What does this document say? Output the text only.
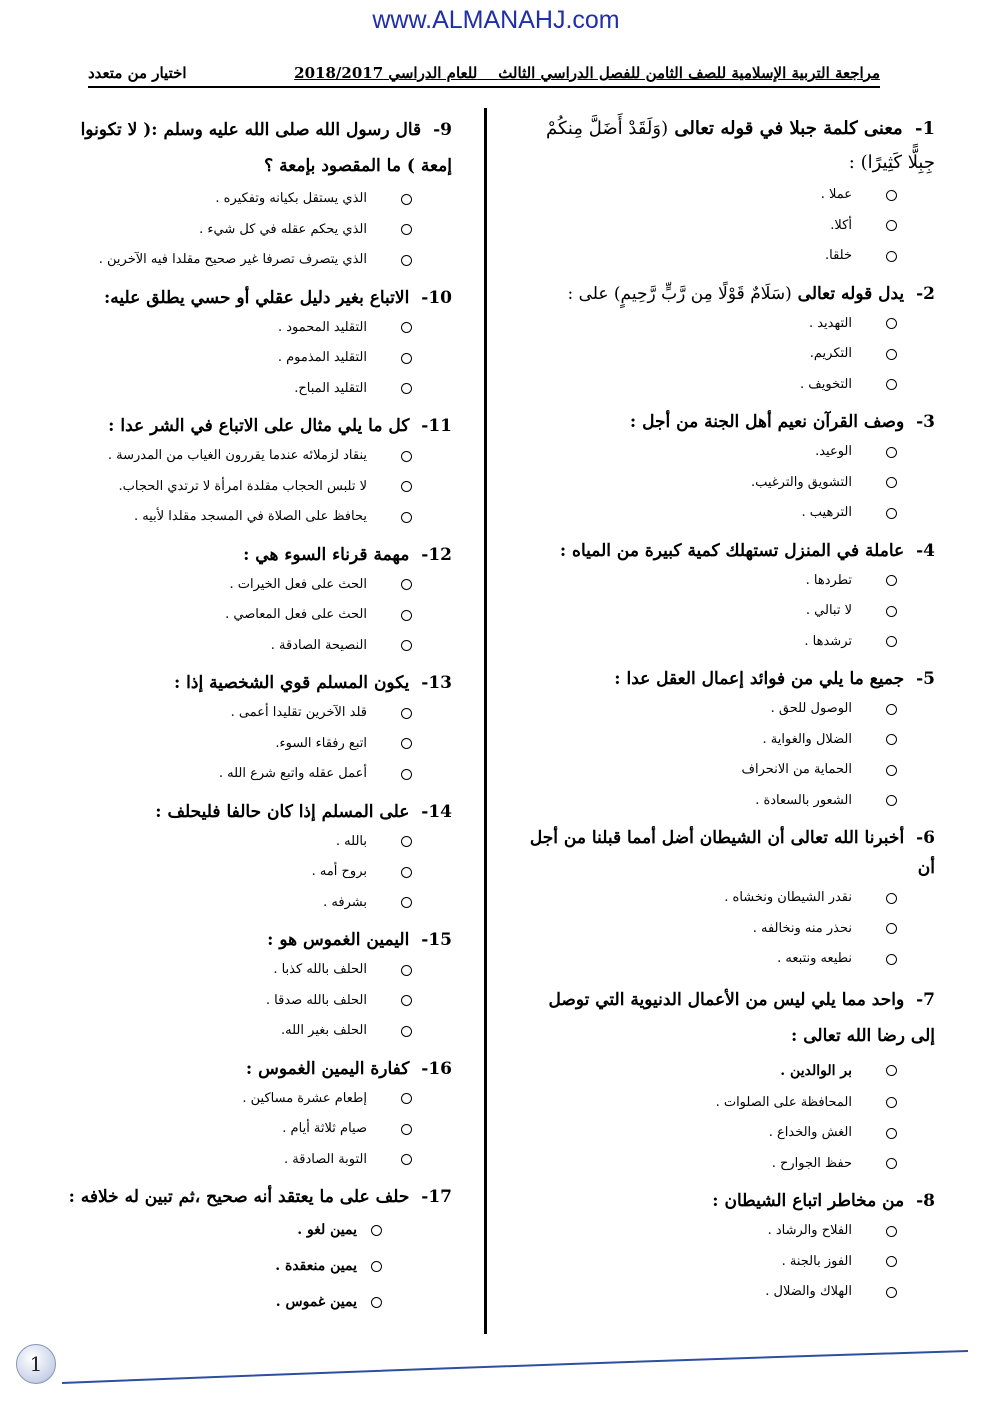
www.ALMANAHJ.com
مراجعة التربية الإسلامية للصف الثامن للفصل الدراسي الثالث    للعام الدراسي 2018/2017
اختيار من متعدد
1- معنى كلمة جبلا في قوله تعالى (وَلَقَدْ أَضَلَّ مِنكُمْ جِبِلًّا كَثِيرًا) :
عملا .
أكلا.
خلقا.
2- يدل قوله تعالى (سَلَامٌ قَوْلًا مِن رَّبٍّ رَّحِيمٍ) على :
التهديد .
التكريم.
التخويف .
3- وصف القرآن نعيم أهل الجنة من أجل :
الوعيد.
التشويق والترغيب.
الترهيب .
4- عاملة في المنزل تستهلك كمية كبيرة من المياه :
تطردها .
لا تبالي .
ترشدها .
5- جميع ما يلي من فوائد إعمال العقل عدا :
الوصول للحق .
الضلال والغواية .
الحماية من الانحراف
الشعور بالسعادة .
6- أخبرنا الله تعالى أن الشيطان أضل أمما قبلنا من أجل أن
نقدر الشيطان ونخشاه .
نحذر منه ونخالفه .
نطيعه ونتبعه .
7- واحد مما يلي ليس من الأعمال الدنيوية التي توصل إلى رضا الله تعالى :
بر الوالدين .
المحافظة على الصلوات .
الغش والخداع .
حفظ الجوارح .
8- من مخاطر اتباع الشيطان :
الفلاح والرشاد .
الفوز بالجنة .
الهلاك والضلال .
9- قال رسول الله صلى الله عليه وسلم :( لا تكونوا إمعة ) ما المقصود بإمعة ؟
الذي يستقل بكيانه وتفكيره .
الذي يحكم عقله في كل شيء .
الذي يتصرف تصرفا غير صحيح مقلدا فيه الآخرين .
10- الاتباع بغير دليل عقلي أو حسي يطلق عليه:
التقليد المحمود .
التقليد المذموم .
التقليد المباح.
11- كل ما يلي مثال على الاتباع في الشر عدا :
ينقاد لزملائه عندما يقررون الغياب من المدرسة .
لا تلبس الحجاب مقلدة امرأة لا ترتدي الحجاب.
يحافظ على الصلاة في المسجد مقلدا لأبيه .
12- مهمة قرناء السوء هي :
الحث على فعل الخيرات .
الحث على فعل المعاصي .
النصيحة الصادقة .
13- يكون المسلم قوي الشخصية إذا :
قلد الآخرين تقليدا أعمى .
اتبع رفقاء السوء.
أعمل عقله واتبع شرع الله .
14- على المسلم إذا كان حالفا فليحلف :
بالله .
بروح أمه .
بشرفه .
15- اليمين الغموس هو :
الحلف بالله كذبا .
الحلف بالله صدقا .
الحلف بغير الله.
16- كفارة اليمين الغموس :
إطعام عشرة مساكين .
صيام ثلاثة أيام .
التوبة الصادقة .
17- حلف على ما يعتقد أنه صحيح ،ثم تبين له خلافه :
يمين لغو .
يمين منعقدة .
يمين غموس .
1
